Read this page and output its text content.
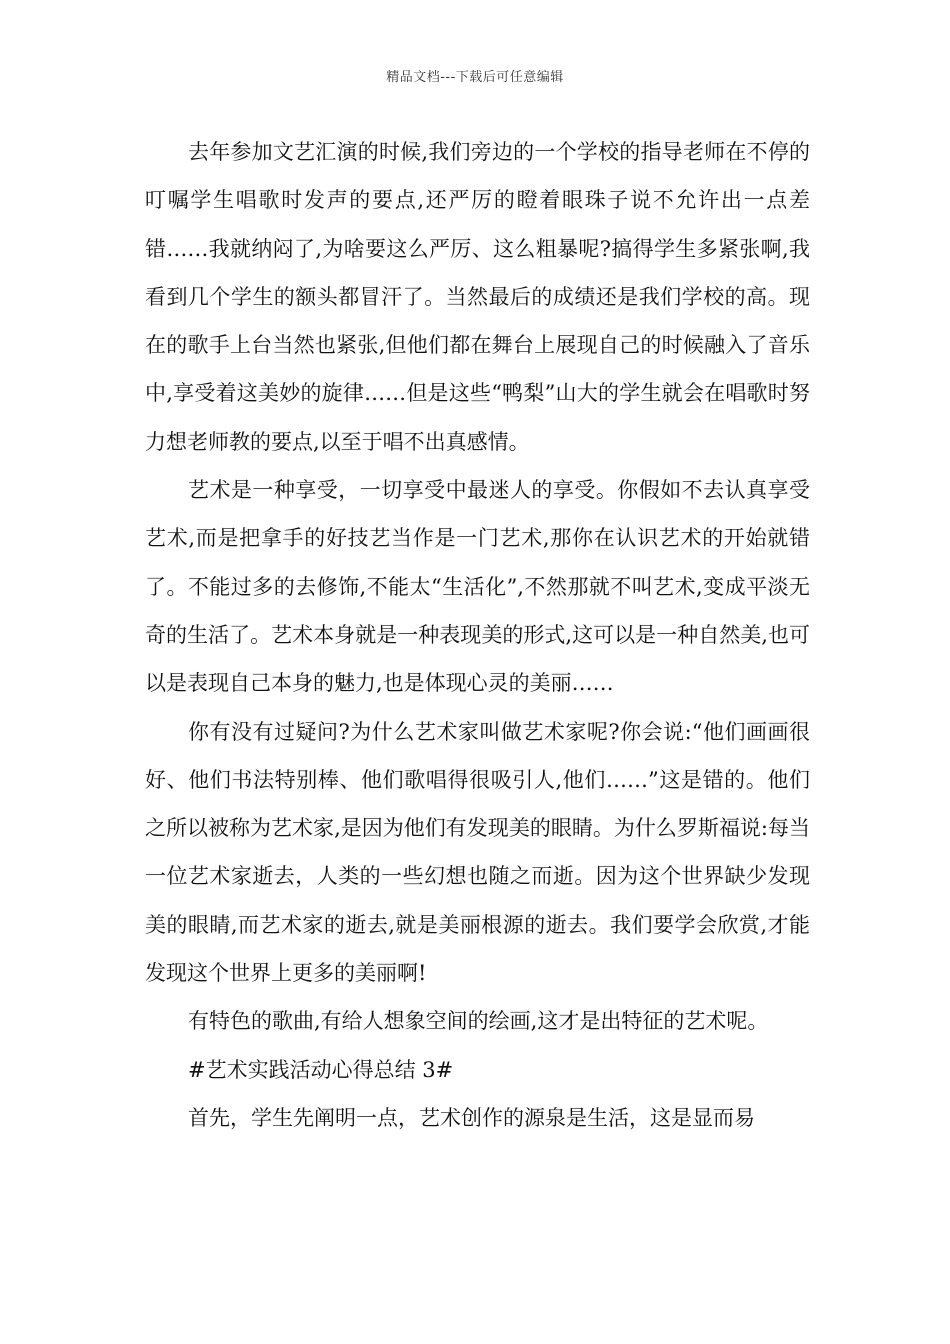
精品文档---下载后可任意编辑

去年参加文艺汇演的时候,我们旁边的一个学校的指导老师在不停的叮嘱学生唱歌时发声的要点,还严厉的瞪着眼珠子说不允许出一点差错……我就纳闷了,为啥要这么严厉、这么粗暴呢?搞得学生多紧张啊,我看到几个学生的额头都冒汗了。当然最后的成绩还是我们学校的高。现在的歌手上台当然也紧张,但他们都在舞台上展现自己的时候融入了音乐中,享受着这美妙的旋律……但是这些“鸭梨”山大的学生就会在唱歌时努力想老师教的要点,以至于唱不出真感情。

艺术是一种享受，一切享受中最迷人的享受。你假如不去认真享受艺术,而是把拿手的好技艺当作是一门艺术,那你在认识艺术的开始就错了。不能过多的去修饰,不能太“生活化”,不然那就不叫艺术,变成平淡无奇的生活了。艺术本身就是一种表现美的形式,这可以是一种自然美,也可以是表现自己本身的魅力,也是体现心灵的美丽……

你有没有过疑问?为什么艺术家叫做艺术家呢?你会说:“他们画画很好、他们书法特别棒、他们歌唱得很吸引人,他们……”这是错的。他们之所以被称为艺术家,是因为他们有发现美的眼睛。为什么罗斯福说:每当一位艺术家逝去，人类的一些幻想也随之而逝。因为这个世界缺少发现美的眼睛,而艺术家的逝去,就是美丽根源的逝去。我们要学会欣赏,才能发现这个世界上更多的美丽啊!

有特色的歌曲,有给人想象空间的绘画,这才是出特征的艺术呢。

#艺术实践活动心得总结 3#

首先，学生先阐明一点，艺术创作的源泉是生活，这是显而易
